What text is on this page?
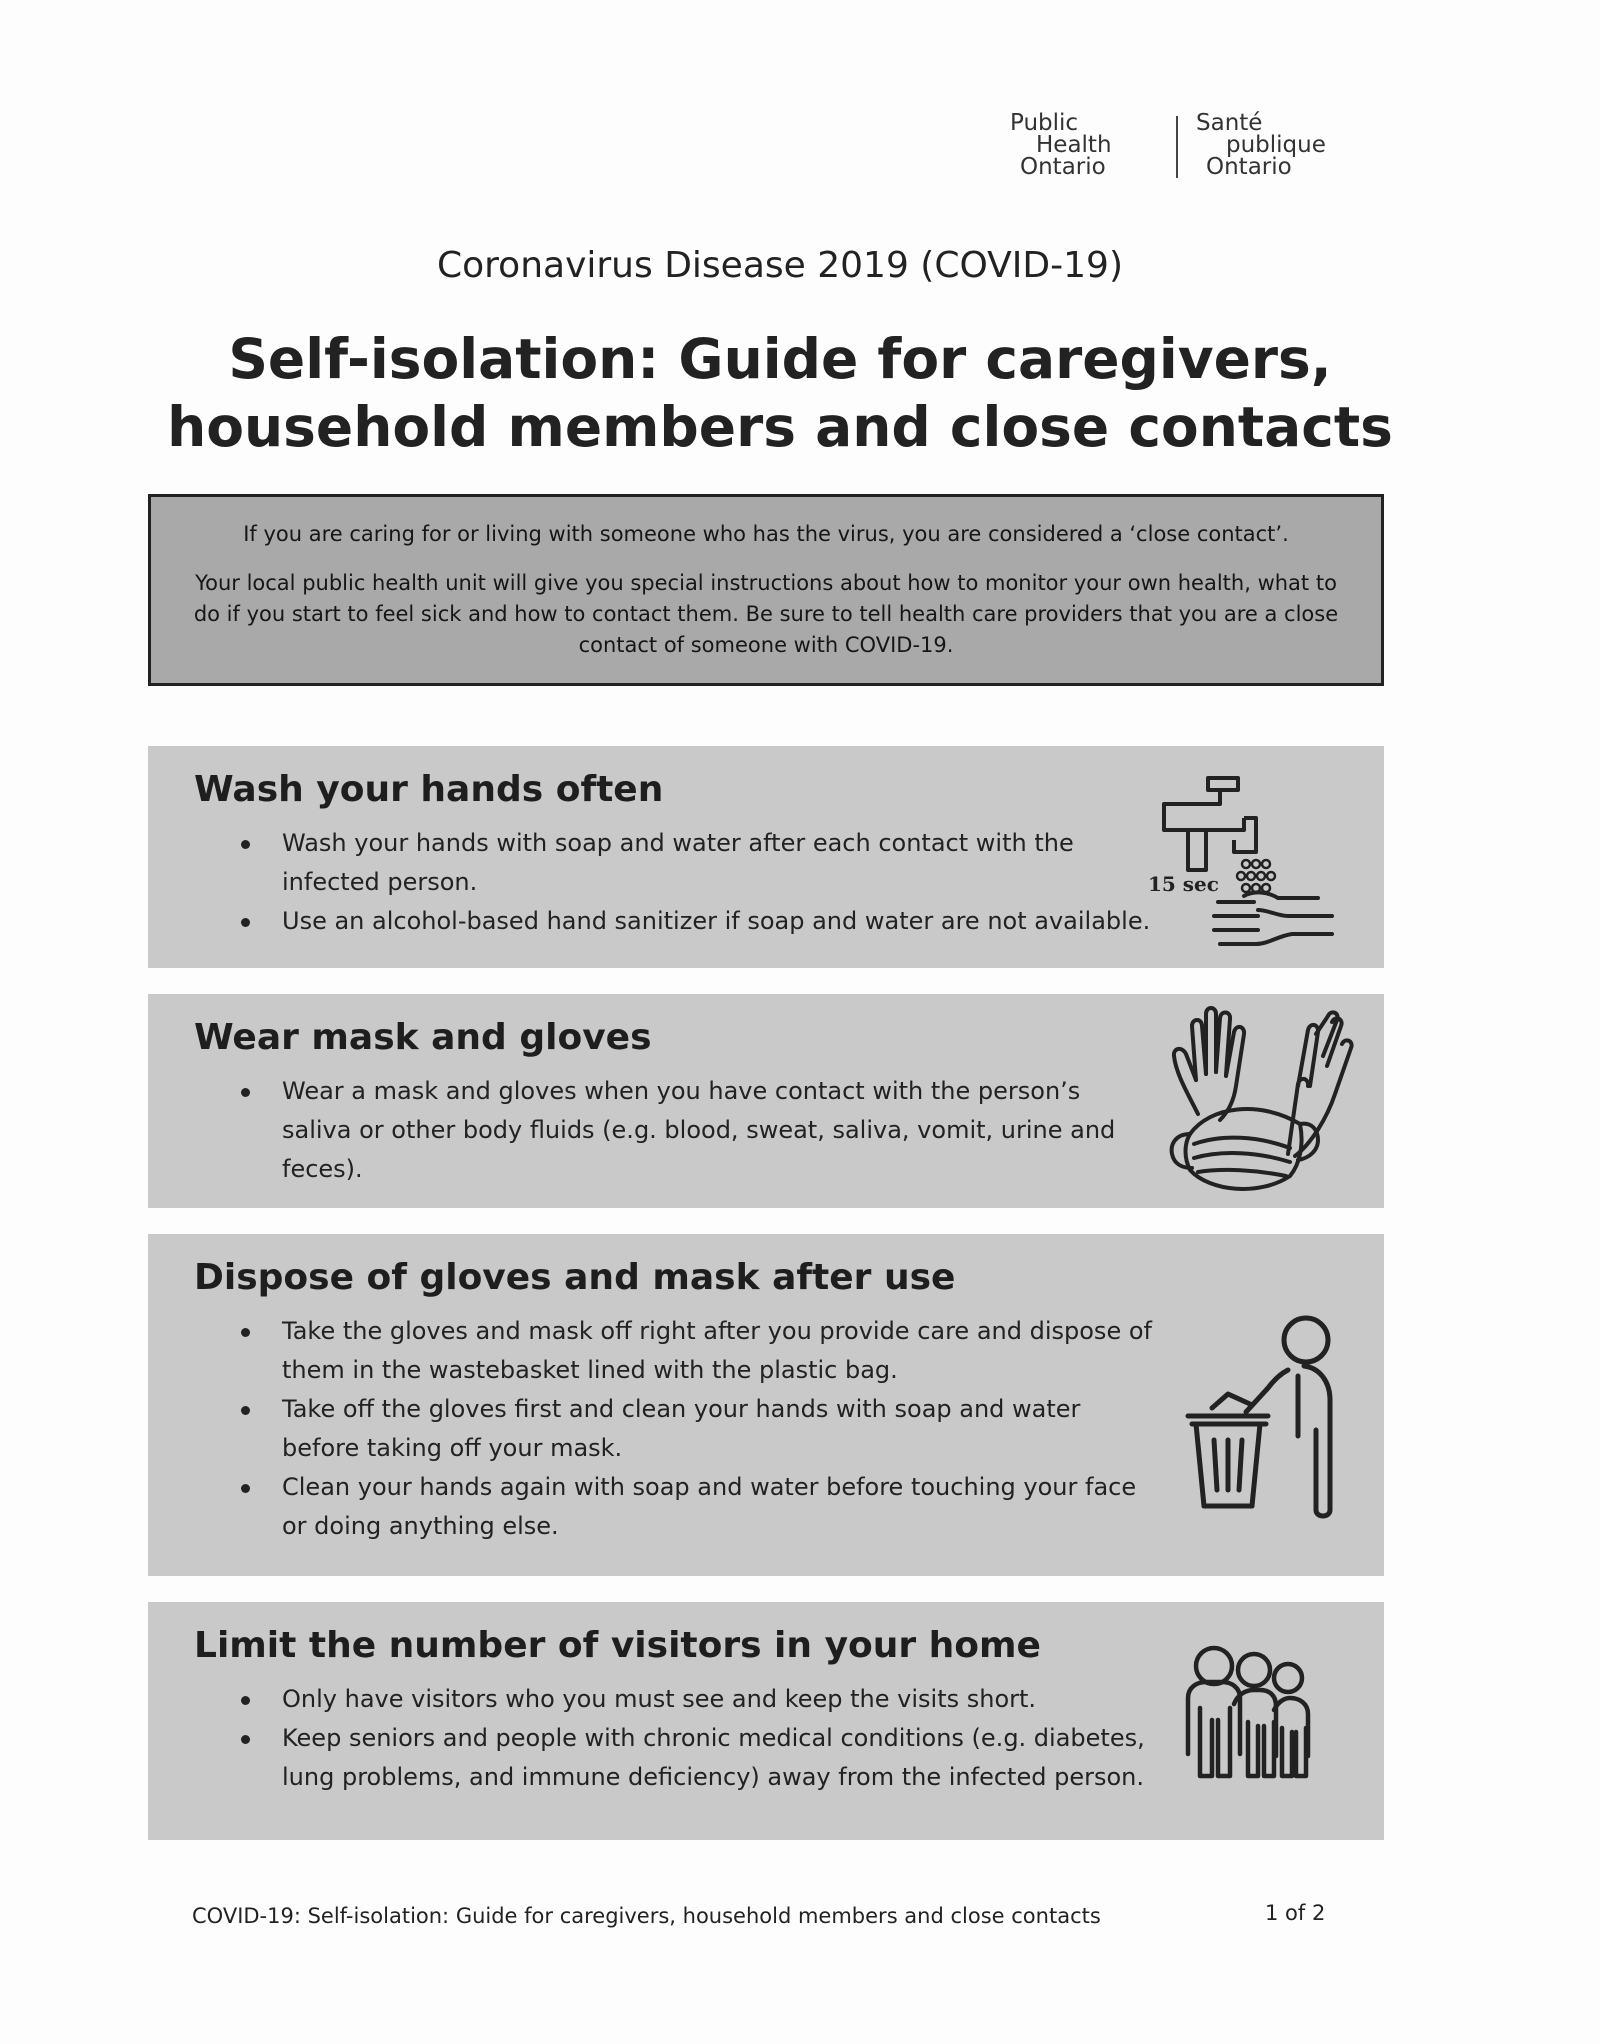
Public
Health
Ontario
Santé
publique
Ontario
Coronavirus Disease 2019 (COVID-19)
Self-isolation: Guide for caregivers,
household members and close contacts

If you are caring for or living with someone who has the virus, you are considered a ‘close contact’.

Your local public health unit will give you special instructions about how to monitor your own health, what to do if you start to feel sick and how to contact them. Be sure to tell health care providers that you are a close contact of someone with COVID-19.

Wash your hands often
Wash your hands with soap and water after each contact with the infected person.
Use an alcohol-based hand sanitizer if soap and water are not available.
15 sec
Wear mask and gloves
Wear a mask and gloves when you have contact with the person’s saliva or other body fluids (e.g. blood, sweat, saliva, vomit, urine and feces).
Dispose of gloves and mask after use
Take the gloves and mask off right after you provide care and dispose of them in the wastebasket lined with the plastic bag.
Take off the gloves first and clean your hands with soap and water before taking off your mask.
Clean your hands again with soap and water before touching your face or doing anything else.
Limit the number of visitors in your home
Only have visitors who you must see and keep the visits short.
Keep seniors and people with chronic medical conditions (e.g. diabetes, lung problems, and immune deficiency) away from the infected person.
COVID-19: Self-isolation: Guide for caregivers, household members and close contacts	1 of 2
